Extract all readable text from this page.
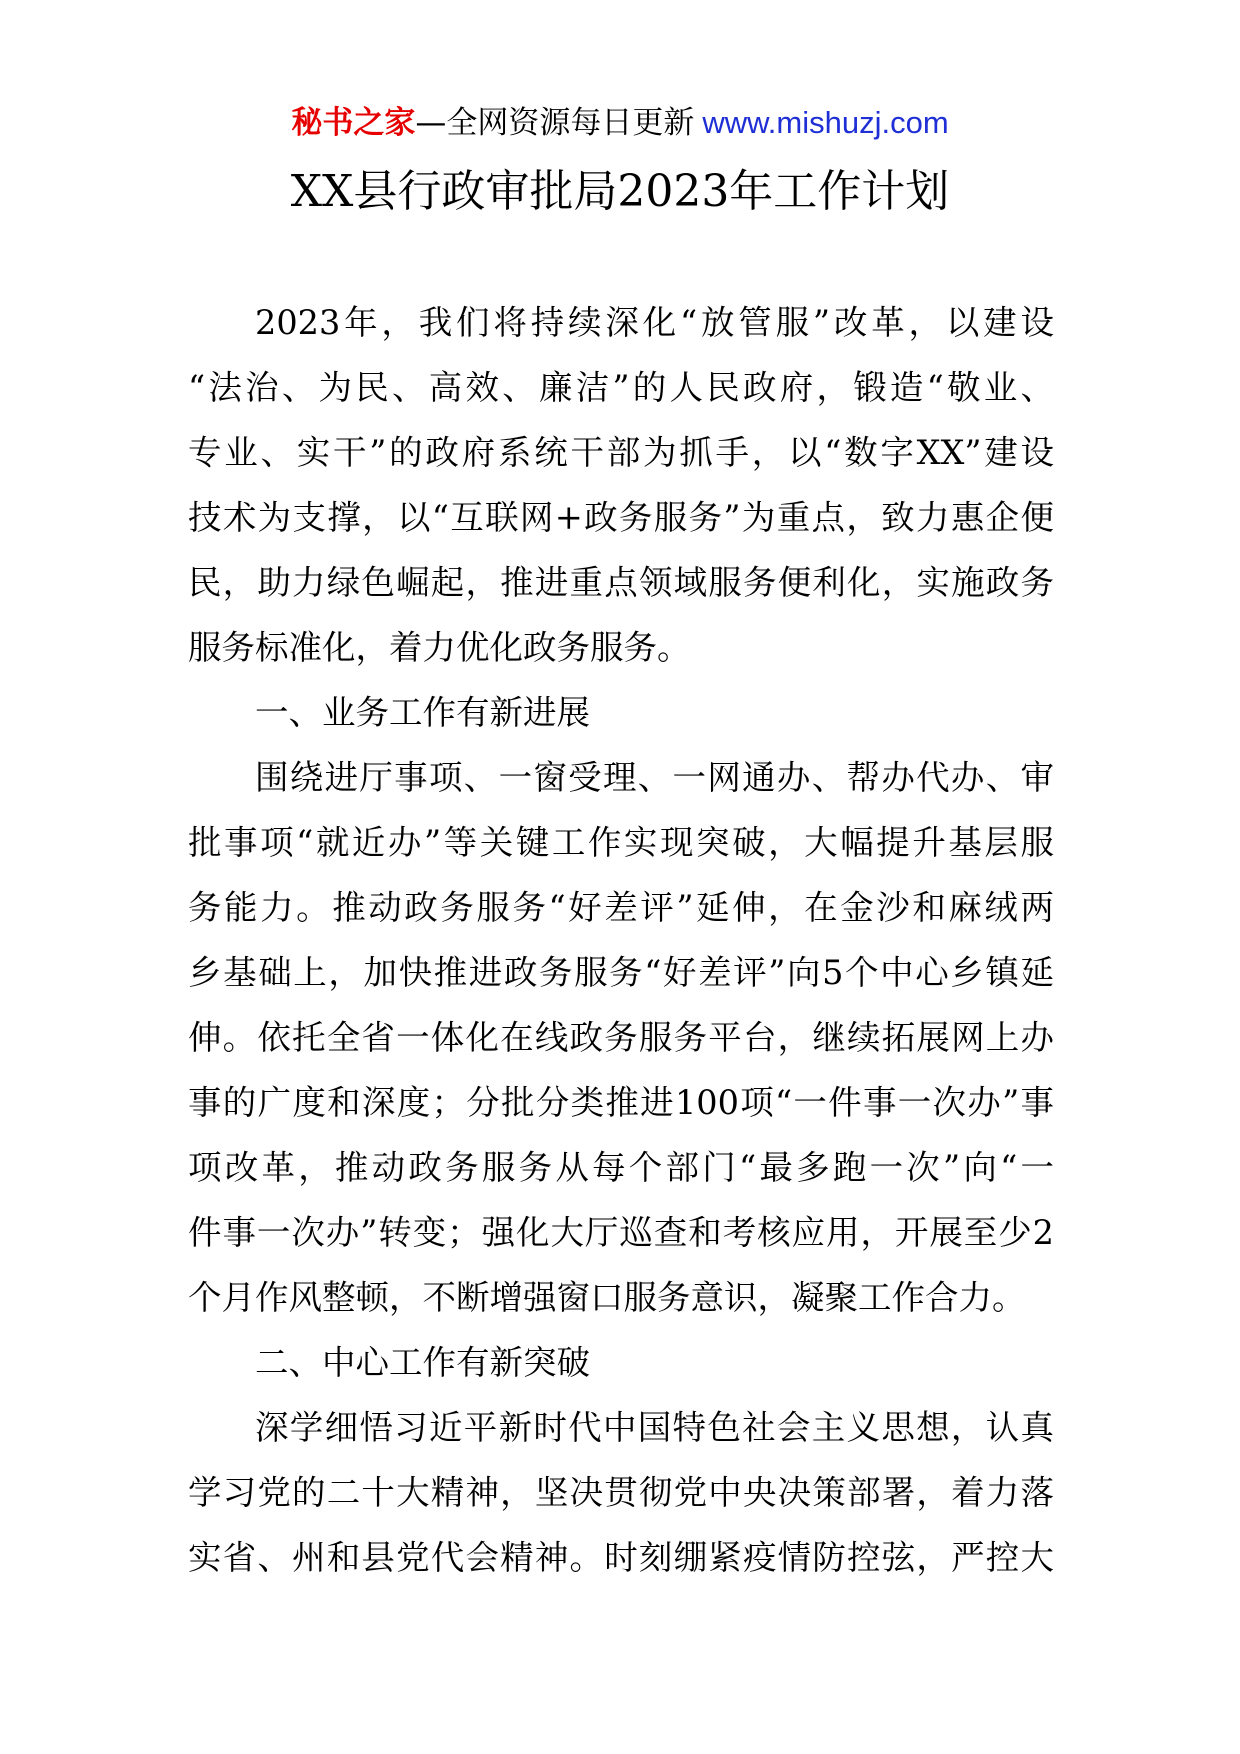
秘书之家—全网资源每日更新 www.mishuzj.com
XX县行政审批局2023年工作计划
2023年，我们将持续深化“放管服”改革，以建设
“法治、为民、高效、廉洁”的人民政府，锻造“敬业、
专业、实干”的政府系统干部为抓手，以“数字XX”建设
技术为支撑，以“互联网+政务服务”为重点，致力惠企便
民，助力绿色崛起，推进重点领域服务便利化，实施政务
服务标准化，着力优化政务服务。
一、业务工作有新进展
围绕进厅事项、一窗受理、一网通办、帮办代办、审
批事项“就近办”等关键工作实现突破，大幅提升基层服
务能力。推动政务服务“好差评”延伸，在金沙和麻绒两
乡基础上，加快推进政务服务“好差评”向5个中心乡镇延
伸。依托全省一体化在线政务服务平台，继续拓展网上办
事的广度和深度；分批分类推进100项“一件事一次办”事
项改革，推动政务服务从每个部门“最多跑一次”向“一
件事一次办”转变；强化大厅巡查和考核应用，开展至少2
个月作风整顿，不断增强窗口服务意识，凝聚工作合力。
二、中心工作有新突破
深学细悟习近平新时代中国特色社会主义思想，认真
学习党的二十大精神，坚决贯彻党中央决策部署，着力落
实省、州和县党代会精神。时刻绷紧疫情防控弦，严控大
